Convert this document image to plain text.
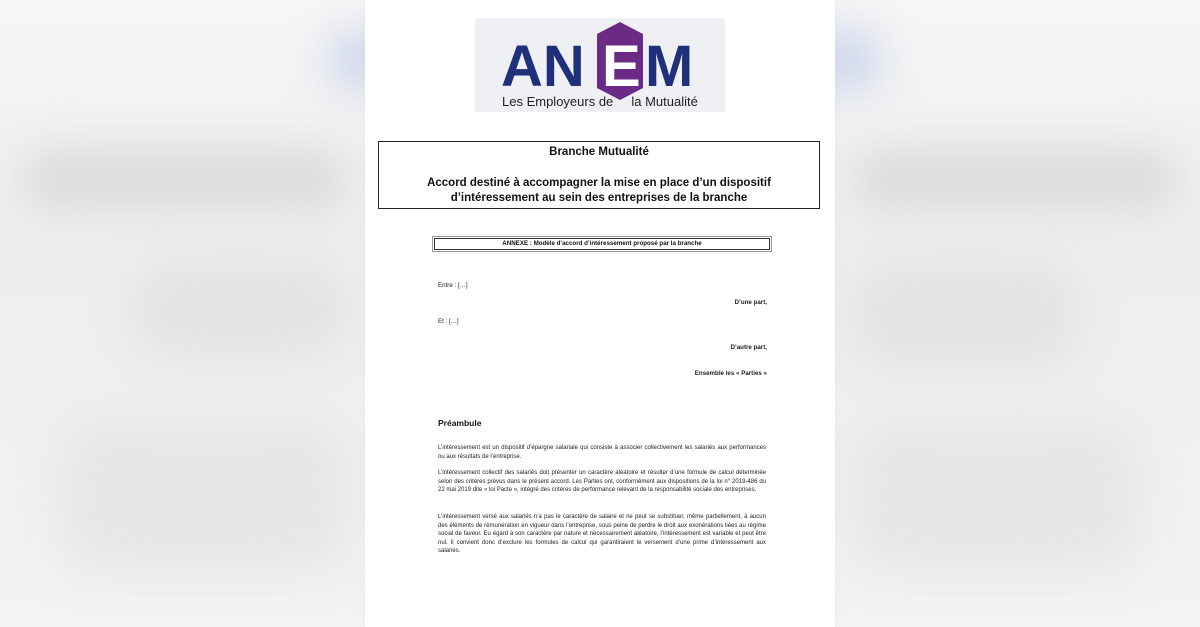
AN E M
Les Employeurs de     la Mutualité
Branche Mutualité
Accord destiné à accompagner la mise en place d’un dispositif d’intéressement au sein des entreprises de la branche
ANNEXE : Modèle d’accord d’intéressement proposé par la branche
Entre : […]
D’une part,
Et : […]
D’autre part,
Ensemble les « Parties »
Préambule
L’intéressement est un dispositif d’épargne salariale qui consiste à associer collectivement les salariés aux performances ou aux résultats de l’entreprise.
L’intéressement collectif des salariés doit présenter un caractère aléatoire et résulter d’une formule de calcul déterminée selon des critères prévus dans le présent accord. Les Parties ont, conformément aux dispositions de la loi n° 2019-486 du 22 mai 2019 dite « loi Pacte », intégré des critères de performance relevant de la responsabilité sociale des entreprises.
L’intéressement versé aux salariés n’a pas le caractère de salaire et ne peut se substituer, même partiellement, à aucun des éléments de rémunération en vigueur dans l’entreprise, sous peine de perdre le droit aux exonérations liées au régime social de faveur. Eu égard à son caractère par nature et nécessairement aléatoire, l’intéressement est variable et peut être nul. Il convient donc d’exclure les formules de calcul qui garantiraient le versement d’une prime d’intéressement aux salariés.
